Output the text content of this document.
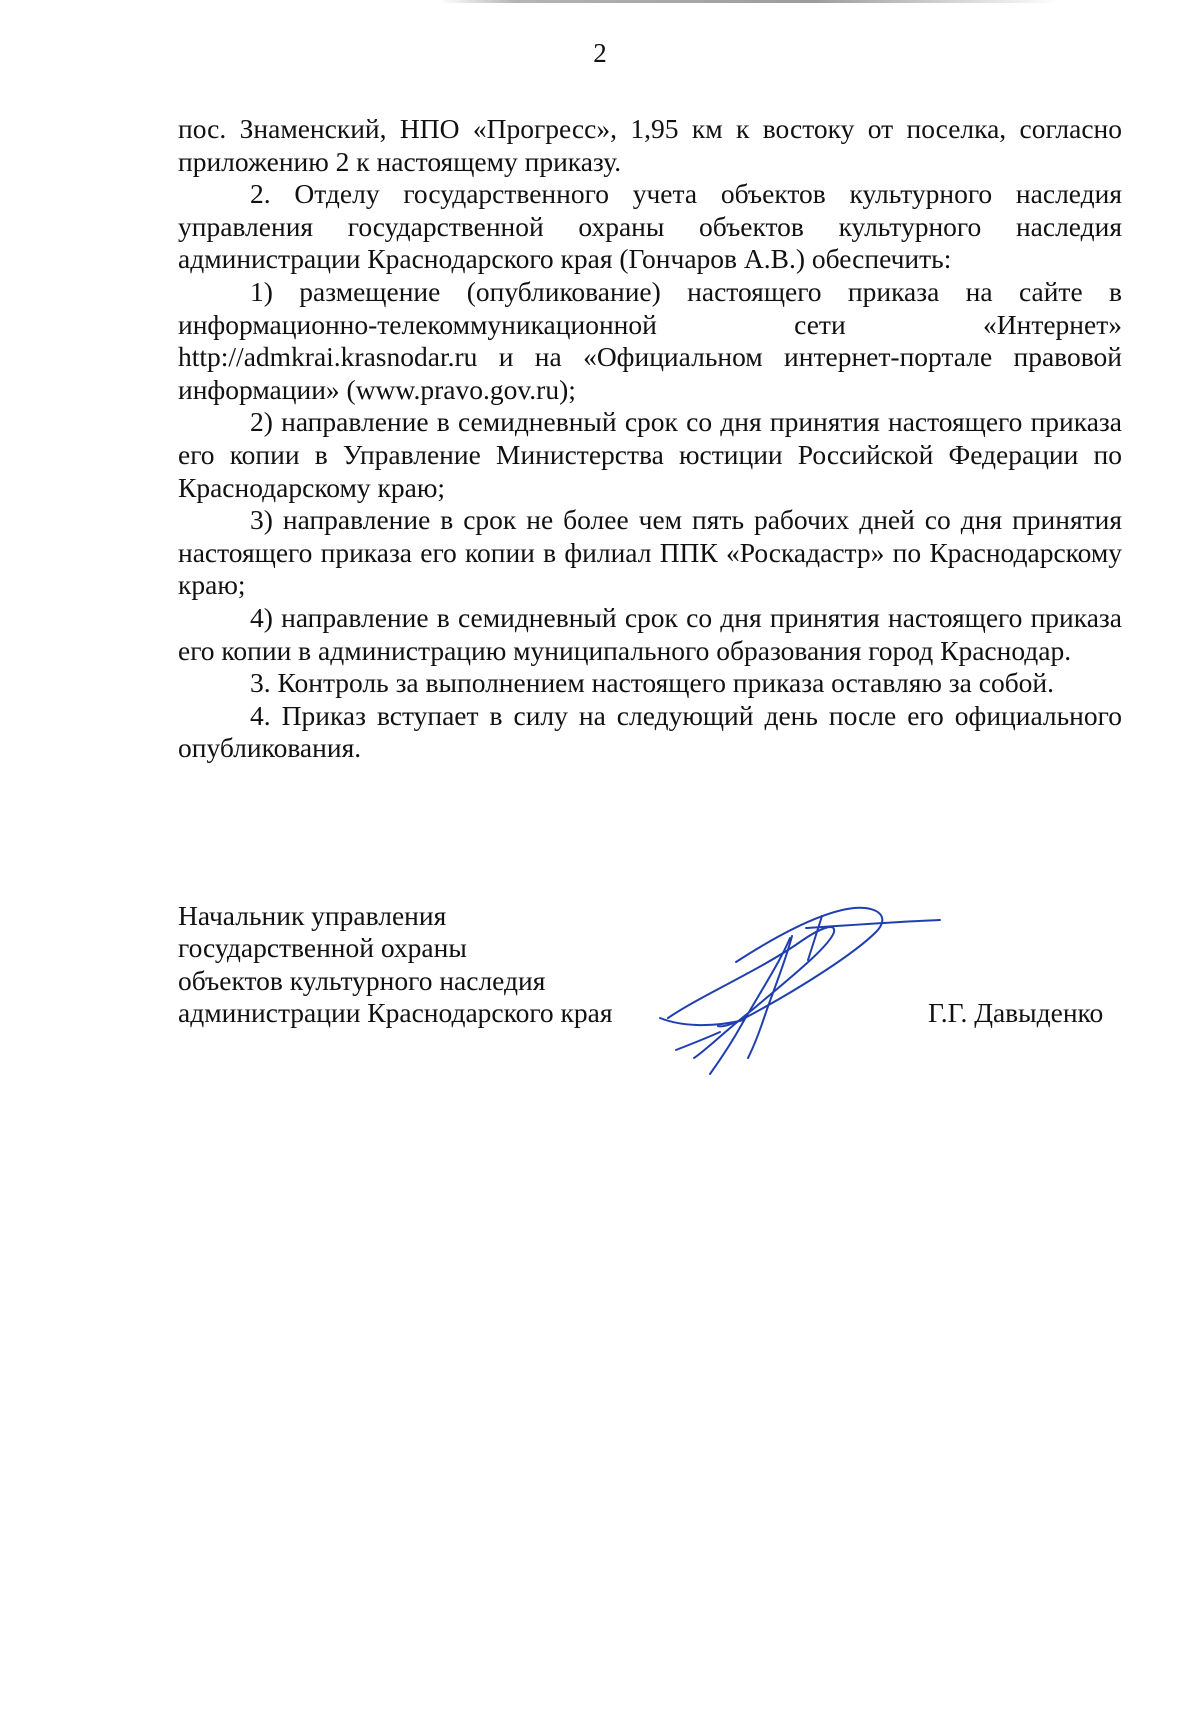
2

пос. Знаменский, НПО «Прогресс», 1,95 км к востоку от поселка, согласно приложению 2 к настоящему приказу.

2. Отделу государственного учета объектов культурного наследия управления государственной охраны объектов культурного наследия администрации Краснодарского края (Гончаров А.В.) обеспечить:

1) размещение (опубликование) настоящего приказа на сайте в информационно-телекоммуникационной сети «Интернет» http://admkrai.krasnodar.ru и на «Официальном интернет-портале правовой информации» (www.pravo.gov.ru);

2) направление в семидневный срок со дня принятия настоящего приказа его копии в Управление Министерства юстиции Российской Федерации по Краснодарскому краю;

3) направление в срок не более чем пять рабочих дней со дня принятия настоящего приказа его копии в филиал ППК «Роскадастр» по Краснодарскому краю;

4) направление в семидневный срок со дня принятия настоящего приказа его копии в администрацию муниципального образования город Краснодар.

3. Контроль за выполнением настоящего приказа оставляю за собой.

4. Приказ вступает в силу на следующий день после его официального опубликования.

Начальник управления
государственной охраны
объектов культурного наследия
администрации Краснодарского края	Г.Г. Давыденко
